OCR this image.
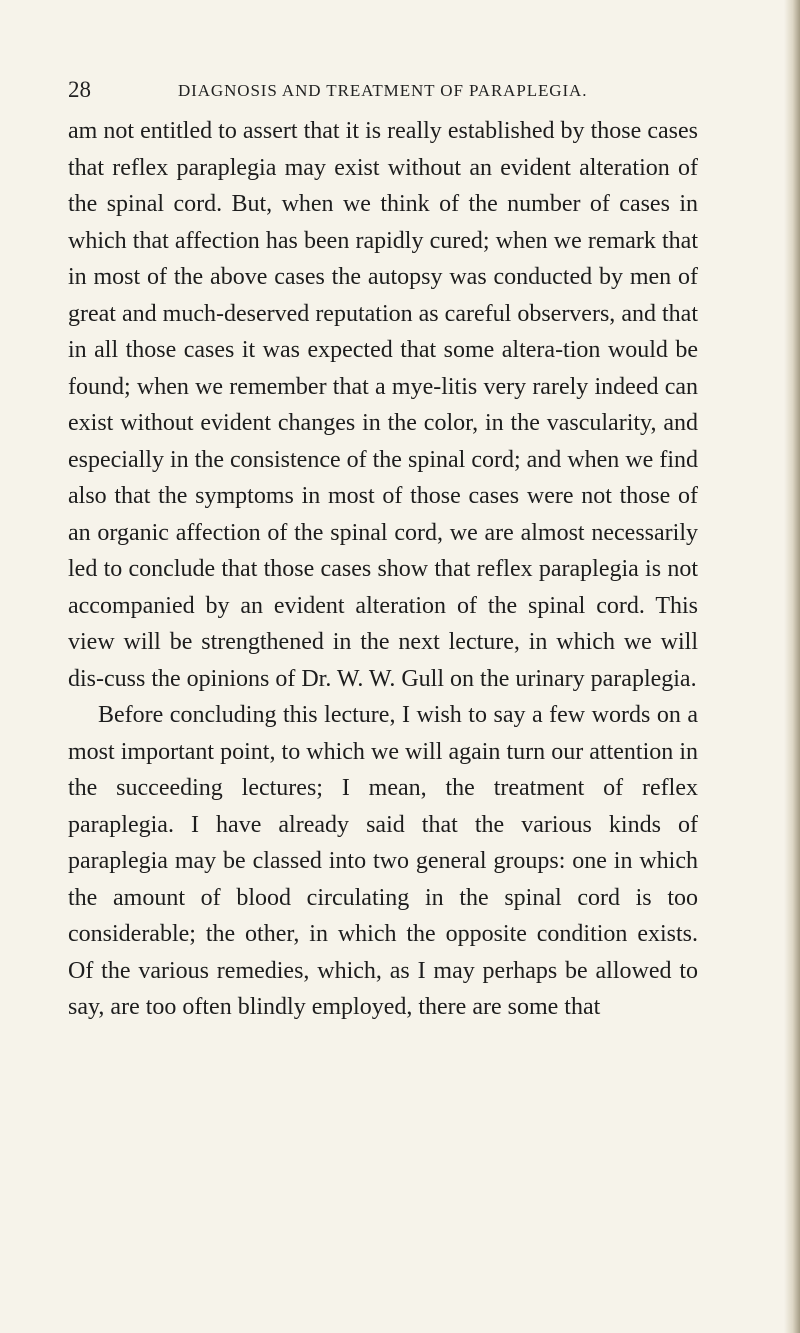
28	DIAGNOSIS AND TREATMENT OF PARAPLEGIA.

am not entitled to assert that it is really established by those cases that reflex paraplegia may exist without an evident alteration of the spinal cord. But, when we think of the number of cases in which that affection has been rapidly cured; when we remark that in most of the above cases the autopsy was conducted by men of great and much-deserved reputation as careful observers, and that in all those cases it was expected that some altera-tion would be found; when we remember that a mye-litis very rarely indeed can exist without evident changes in the color, in the vascularity, and especially in the consistence of the spinal cord; and when we find also that the symptoms in most of those cases were not those of an organic affection of the spinal cord, we are almost necessarily led to conclude that those cases show that reflex paraplegia is not accompanied by an evident alteration of the spinal cord. This view will be strengthened in the next lecture, in which we will dis-cuss the opinions of Dr. W. W. Gull on the urinary paraplegia.

Before concluding this lecture, I wish to say a few words on a most important point, to which we will again turn our attention in the succeeding lectures; I mean, the treatment of reflex paraplegia. I have already said that the various kinds of paraplegia may be classed into two general groups: one in which the amount of blood circulating in the spinal cord is too considerable; the other, in which the opposite condition exists. Of the various remedies, which, as I may perhaps be allowed to say, are too often blindly employed, there are some that
